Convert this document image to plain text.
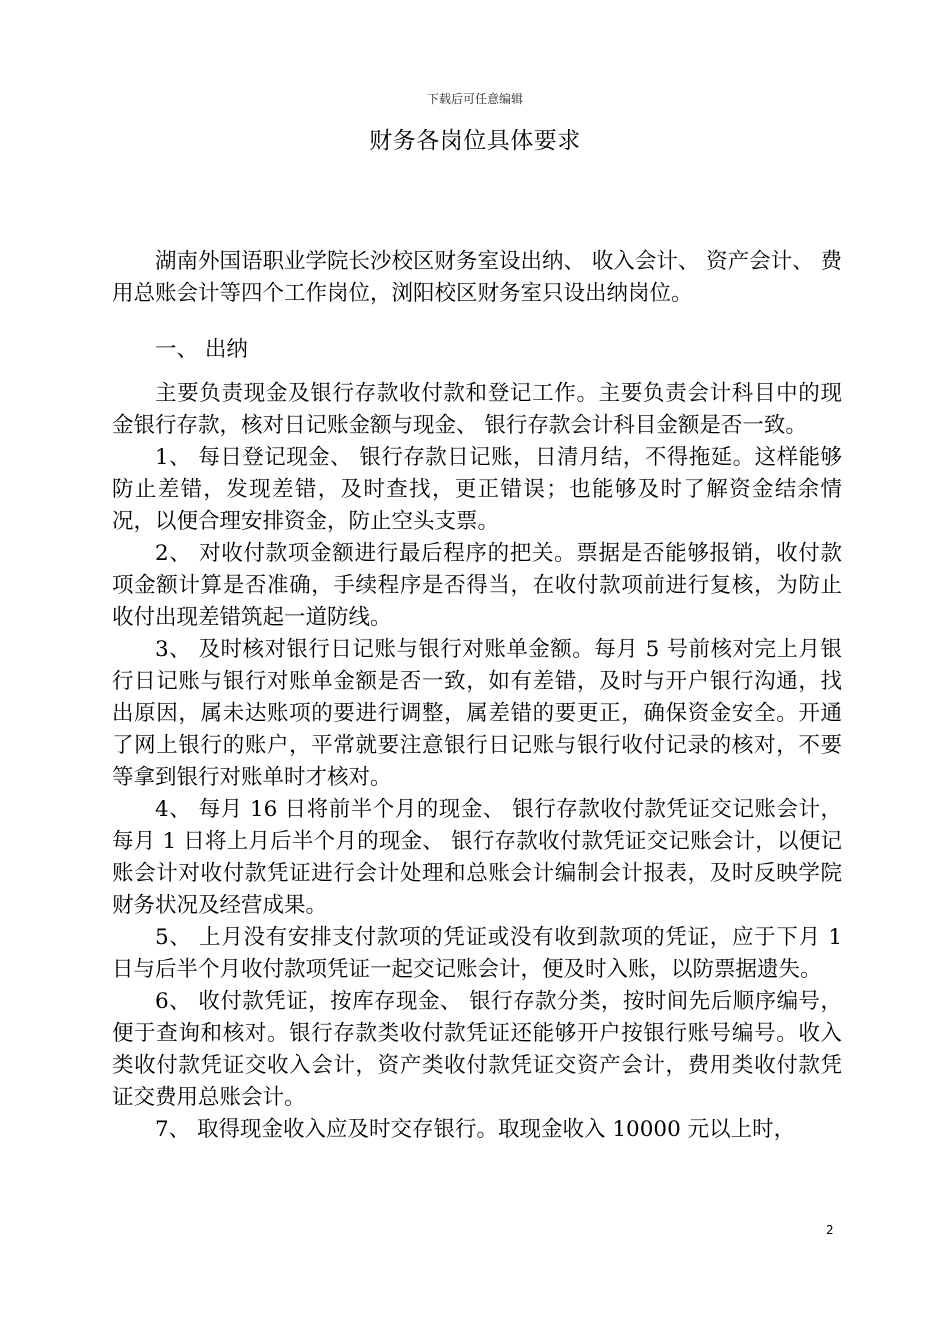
下载后可任意编辑
财务各岗位具体要求

湖南外国语职业学院长沙校区财务室设出纳、 收入会计、 资产会计、 费用总账会计等四个工作岗位，浏阳校区财务室只设出纳岗位。

一、 出纳

主要负责现金及银行存款收付款和登记工作。主要负责会计科目中的现金银行存款，核对日记账金额与现金、 银行存款会计科目金额是否一致。

1、 每日登记现金、 银行存款日记账，日清月结，不得拖延。这样能够防止差错，发现差错，及时查找，更正错误；也能够及时了解资金结余情况，以便合理安排资金，防止空头支票。

2、 对收付款项金额进行最后程序的把关。票据是否能够报销，收付款项金额计算是否准确，手续程序是否得当，在收付款项前进行复核，为防止收付出现差错筑起一道防线。

3、 及时核对银行日记账与银行对账单金额。每月 5 号前核对完上月银行日记账与银行对账单金额是否一致，如有差错，及时与开户银行沟通，找出原因，属未达账项的要进行调整，属差错的要更正，确保资金安全。开通了网上银行的账户，平常就要注意银行日记账与银行收付记录的核对，不要等拿到银行对账单时才核对。

4、 每月 16 日将前半个月的现金、 银行存款收付款凭证交记账会计，每月 1 日将上月后半个月的现金、 银行存款收付款凭证交记账会计，以便记账会计对收付款凭证进行会计处理和总账会计编制会计报表，及时反映学院财务状况及经营成果。

5、 上月没有安排支付款项的凭证或没有收到款项的凭证，应于下月 1 日与后半个月收付款项凭证一起交记账会计，便及时入账，以防票据遗失。

6、 收付款凭证，按库存现金、 银行存款分类，按时间先后顺序编号，便于查询和核对。银行存款类收付款凭证还能够开户按银行账号编号。收入类收付款凭证交收入会计，资产类收付款凭证交资产会计，费用类收付款凭证交费用总账会计。

7、 取得现金收入应及时交存银行。取现金收入 10000 元以上时，

2
